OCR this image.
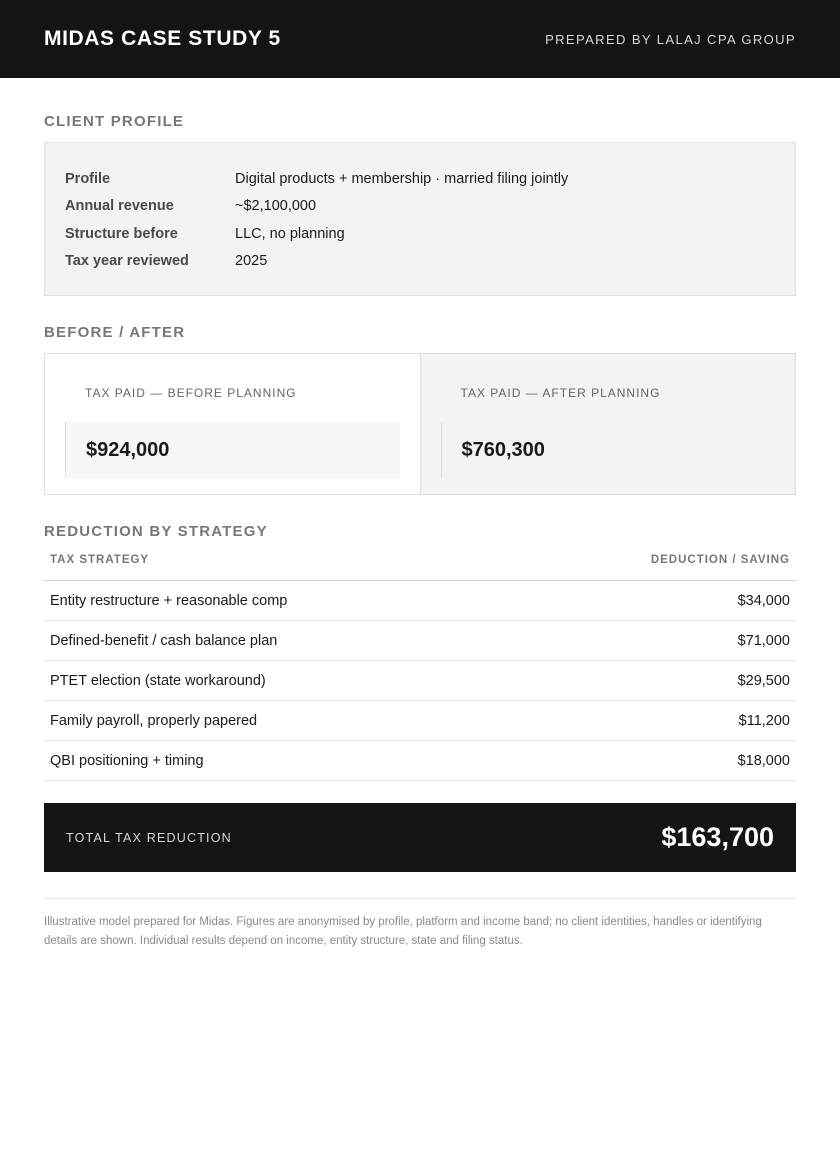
MIDAS CASE STUDY 5	PREPARED BY LALAJ CPA GROUP
CLIENT PROFILE
Profile	Digital products + membership · married filing jointly
Annual revenue	~$2,100,000
Structure before	LLC, no planning
Tax year reviewed	2025
BEFORE / AFTER
TAX PAID — BEFORE PLANNING
$924,000
TAX PAID — AFTER PLANNING
$760,300
REDUCTION BY STRATEGY
TAX STRATEGY	DEDUCTION / SAVING
Entity restructure + reasonable comp	$34,000
Defined-benefit / cash balance plan	$71,000
PTET election (state workaround)	$29,500
Family payroll, properly papered	$11,200
QBI positioning + timing	$18,000
TOTAL TAX REDUCTION	$163,700

Illustrative model prepared for Midas. Figures are anonymised by profile, platform and income band; no client identities, handles or identifying details are shown. Individual results depend on income, entity structure, state and filing status.
